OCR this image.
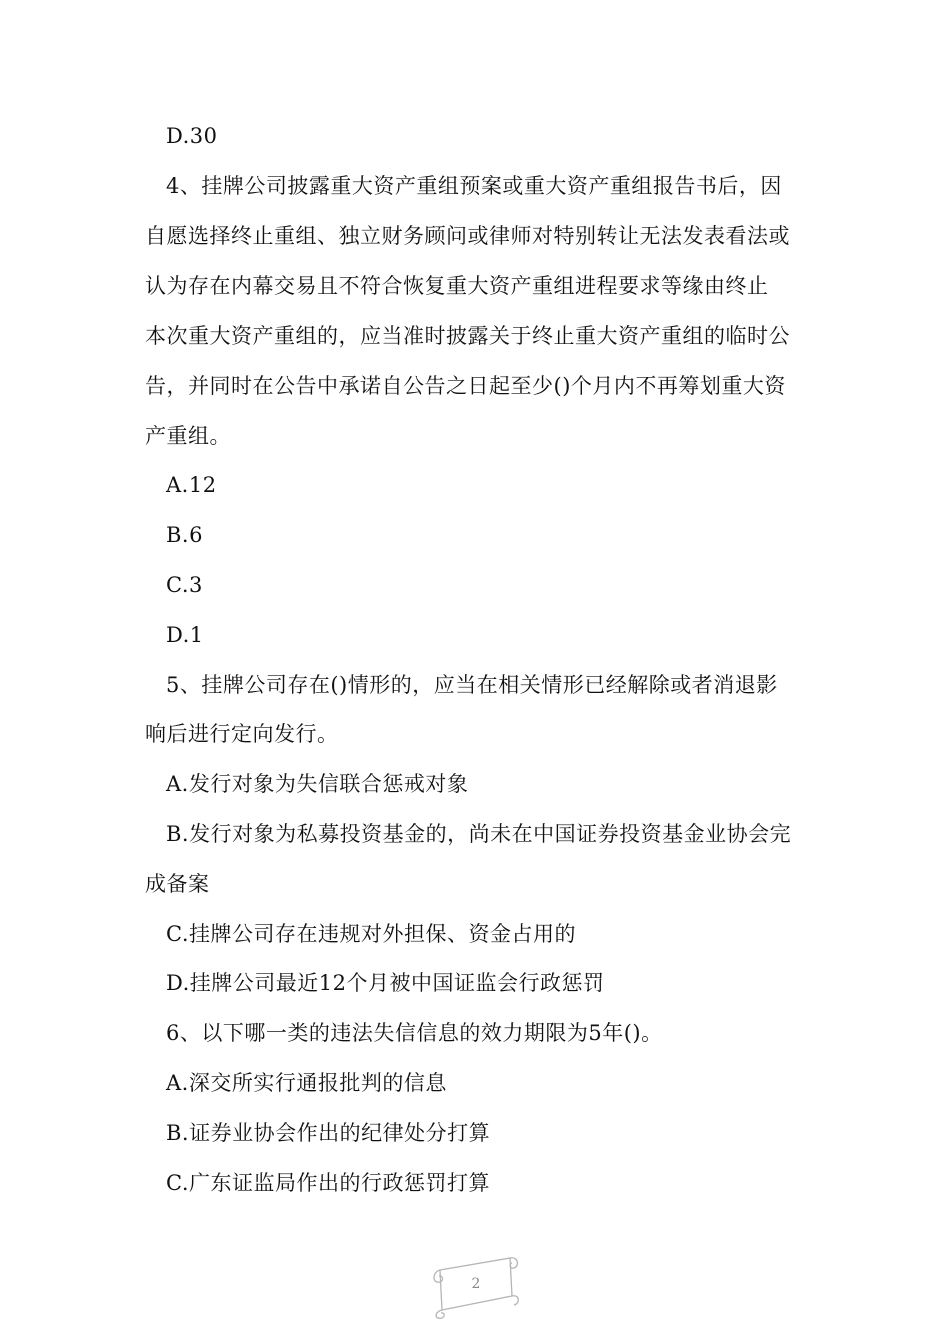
D.30
4、挂牌公司披露重大资产重组预案或重大资产重组报告书后，因
自愿选择终止重组、独立财务顾问或律师对特别转让无法发表看法或
认为存在内幕交易且不符合恢复重大资产重组进程要求等缘由终止
本次重大资产重组的，应当准时披露关于终止重大资产重组的临时公
告，并同时在公告中承诺自公告之日起至少()个月内不再筹划重大资
产重组。
A.12
B.6
C.3
D.1
5、挂牌公司存在()情形的，应当在相关情形已经解除或者消退影
响后进行定向发行。
A.发行对象为失信联合惩戒对象
B.发行对象为私募投资基金的，尚未在中国证券投资基金业协会完
成备案
C.挂牌公司存在违规对外担保、资金占用的
D.挂牌公司最近12个月被中国证监会行政惩罚
6、以下哪一类的违法失信信息的效力期限为5年()。
A.深交所实行通报批判的信息
B.证券业协会作出的纪律处分打算
C.广东证监局作出的行政惩罚打算
2
